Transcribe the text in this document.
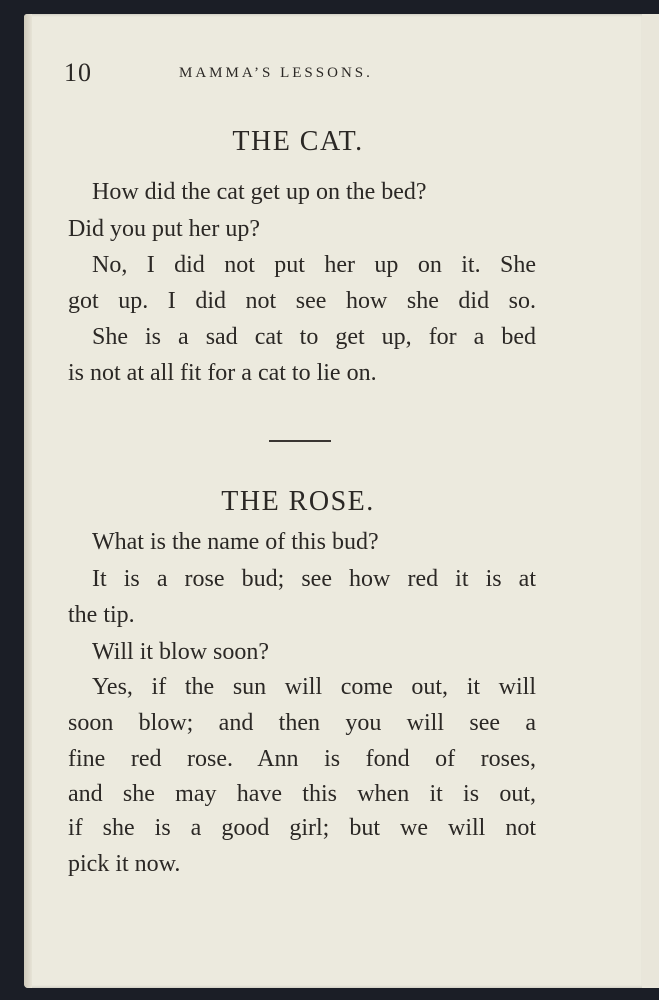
10	MAMMA’S LESSONS.
THE CAT.
How did the cat get up on the bed?
Did you put her up?
No, I did not put her up on it. She
got up. I did not see how she did so.
She is a sad cat to get up, for a bed
is not at all fit for a cat to lie on.
THE ROSE.
What is the name of this bud?
It is a rose bud; see how red it is at
the tip.
Will it blow soon?
Yes, if the sun will come out, it will
soon blow; and then you will see a
fine red rose. Ann is fond of roses,
and she may have this when it is out,
if she is a good girl; but we will not
pick it now.
